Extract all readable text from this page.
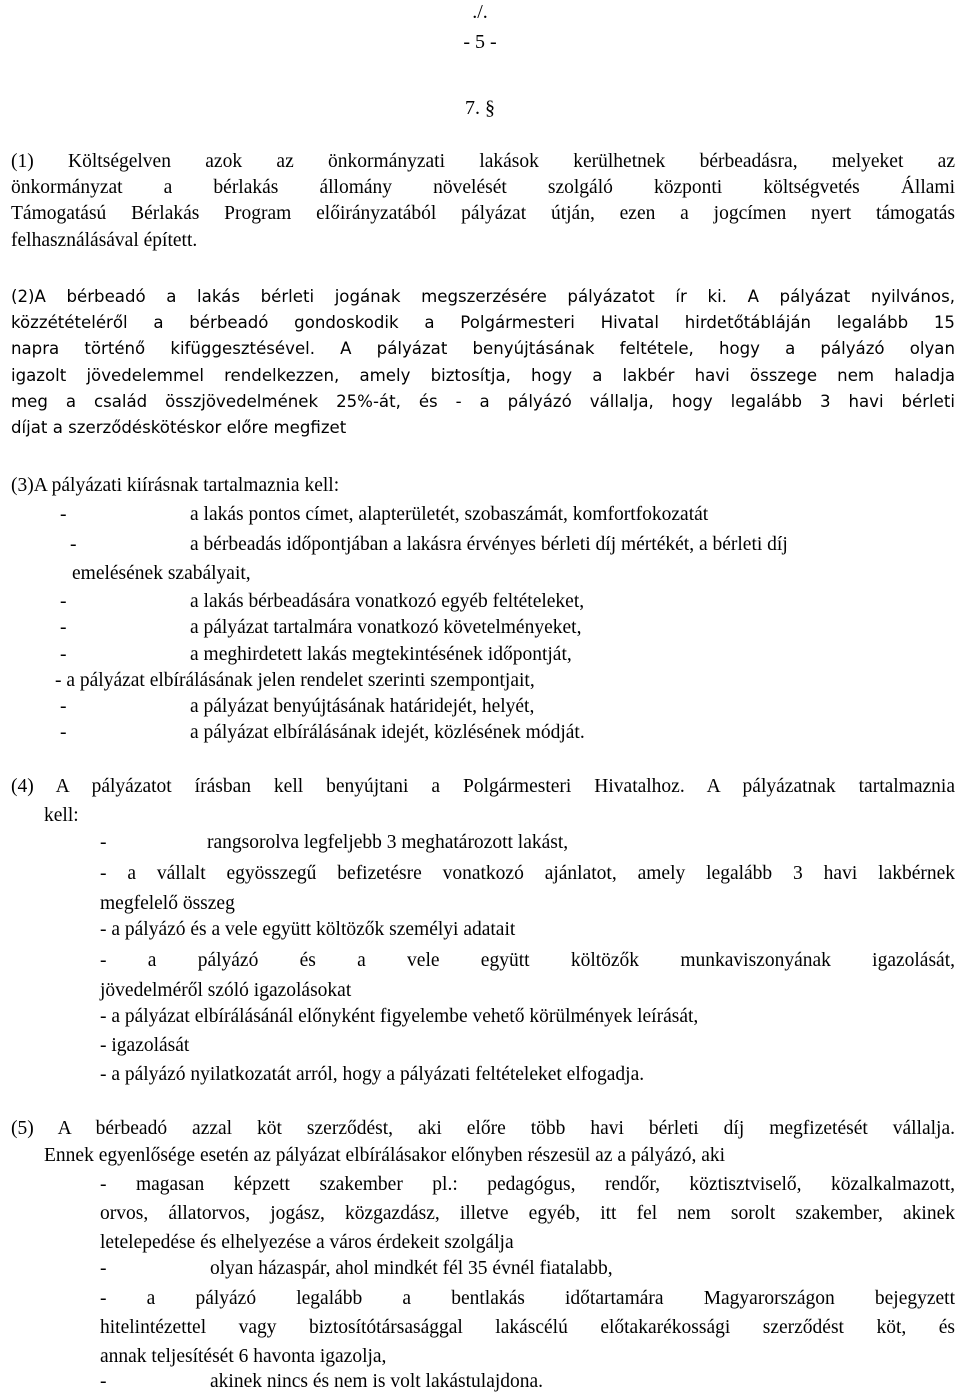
./.
- 5 -
7. §
(1) Költségelven azok az önkormányzati lakások kerülhetnek bérbeadásra, melyeket az
önkormányzat a bérlakás állomány növelését szolgáló központi költségvetés Állami
Támogatású Bérlakás Program előirányzatából pályázat útján, ezen a jogcímen nyert támogatás
felhasználásával épített.
(2)A bérbeadó a lakás bérleti jogának megszerzésére pályázatot ír ki. A pályázat nyilvános,
közzétételéről a bérbeadó gondoskodik a Polgármesteri Hivatal hirdetőtábláján legalább 15
napra történő kifüggesztésével. A pályázat benyújtásának feltétele, hogy a pályázó olyan
igazolt jövedelemmel rendelkezzen, amely biztosítja, hogy a lakbér havi összege nem haladja
meg a család összjövedelmének 25%-át, és - a pályázó vállalja, hogy legalább 3 havi bérleti
díjat a szerződéskötéskor előre megfizet
(3)A pályázati kiírásnak tartalmaznia kell:
-	a lakás pontos címet, alapterületét, szobaszámát, komfortfokozatát
-	a bérbeadás időpontjában a lakásra érvényes bérleti díj mértékét, a bérleti díj
emelésének szabályait,
-	a lakás bérbeadására vonatkozó egyéb feltételeket,
-	a pályázat tartalmára vonatkozó követelményeket,
-	a meghirdetett lakás megtekintésének időpontját,
- a pályázat elbírálásának jelen rendelet szerinti szempontjait,
-	a pályázat benyújtásának határidejét, helyét,
-	a pályázat elbírálásának idejét, közlésének módját.
(4) A pályázatot írásban kell benyújtani a Polgármesteri Hivatalhoz. A pályázatnak tartalmaznia
kell:
-	rangsorolva legfeljebb 3 meghatározott lakást,
- a vállalt egyösszegű befizetésre vonatkozó ajánlatot, amely legalább 3 havi lakbérnek
megfelelő összeg
- a pályázó és a vele együtt költözők személyi adatait
- a pályázó és a vele együtt költözők munkaviszonyának igazolását,
jövedelméről szóló igazolásokat
- a pályázat elbírálásánál előnyként figyelembe vehető körülmények leírását,
- igazolását
- a pályázó nyilatkozatát arról, hogy a pályázati feltételeket elfogadja.
(5) A bérbeadó azzal köt szerződést, aki előre több havi bérleti díj megfizetését vállalja.
Ennek egyenlősége esetén az pályázat elbírálásakor előnyben részesül az a pályázó, aki
- magasan képzett szakember pl.: pedagógus, rendőr, köztisztviselő, közalkalmazott,
orvos, állatorvos, jogász, közgazdász, illetve egyéb, itt fel nem sorolt szakember, akinek
letelepedése és elhelyezése a város érdekeit szolgálja
-	olyan házaspár, ahol mindkét fél 35 évnél fiatalabb,
- a pályázó legalább a bentlakás időtartamára Magyarországon bejegyzett
hitelintézettel vagy biztosítótársasággal lakáscélú előtakarékossági szerződést köt, és
annak teljesítését 6 havonta igazolja,
-	akinek nincs és nem is volt lakástulajdona.
